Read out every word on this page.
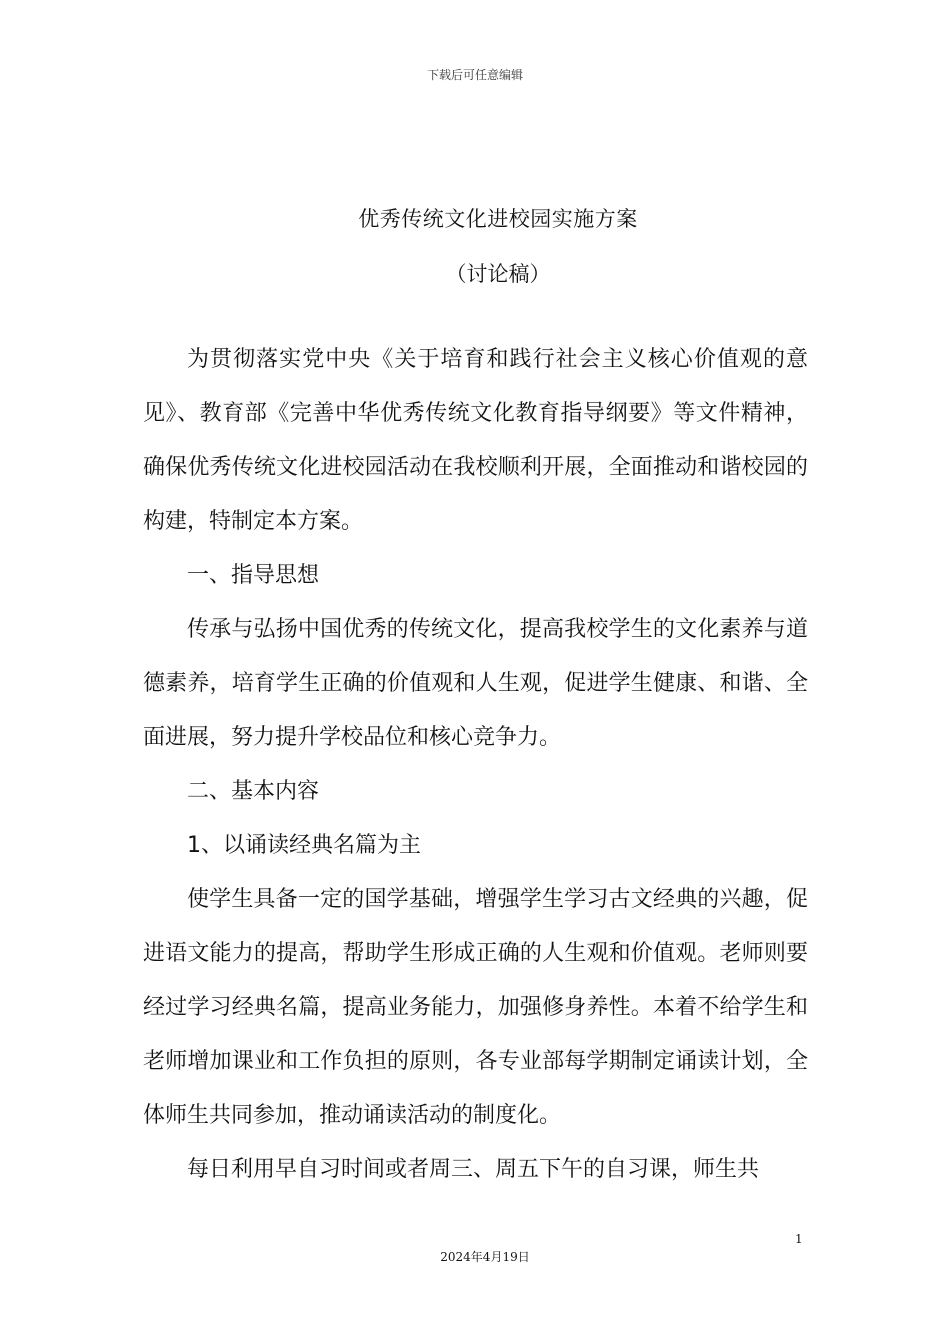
下载后可任意编辑
优秀传统文化进校园实施方案
（讨论稿）

为贯彻落实党中央《关于培育和践行社会主义核心价值观的意见》、教育部《完善中华优秀传统文化教育指导纲要》等文件精神，确保优秀传统文化进校园活动在我校顺利开展，全面推动和谐校园的构建，特制定本方案。

一、指导思想

传承与弘扬中国优秀的传统文化，提高我校学生的文化素养与道德素养，培育学生正确的价值观和人生观，促进学生健康、和谐、全面进展，努力提升学校品位和核心竞争力。

二、基本内容

1、以诵读经典名篇为主

使学生具备一定的国学基础，增强学生学习古文经典的兴趣，促进语文能力的提高，帮助学生形成正确的人生观和价值观。老师则要经过学习经典名篇，提高业务能力，加强修身养性。本着不给学生和老师增加课业和工作负担的原则，各专业部每学期制定诵读计划，全体师生共同参加，推动诵读活动的制度化。

每日利用早自习时间或者周三、周五下午的自习课，师生共

1
2024年4月19日
